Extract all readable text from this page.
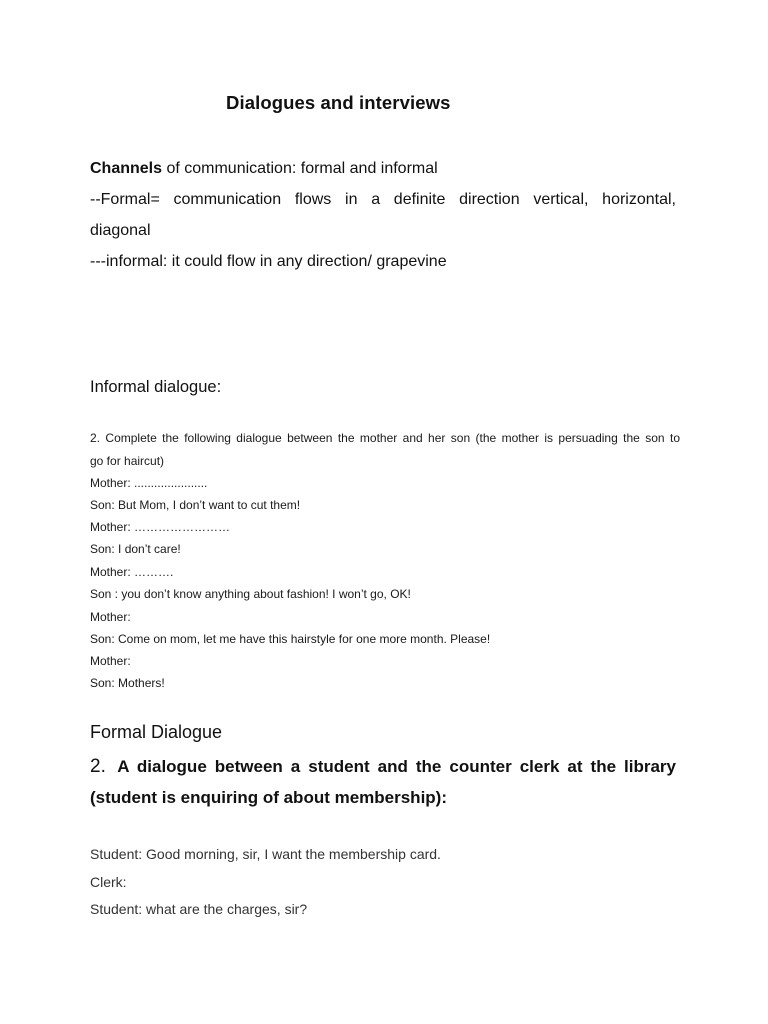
Dialogues and interviews
Channels of communication: formal and informal
--Formal= communication flows in a definite direction vertical, horizontal,
diagonal
---informal: it could flow in any direction/ grapevine
Informal dialogue:
2. Complete the following dialogue between the mother and her son (the mother is persuading the son to
go for haircut)
Mother: ......................
Son: But Mom, I don’t want to cut them!
Mother: ……………………
Son: I don’t care!
Mother: ……….
Son : you don’t know anything about fashion! I won’t go, OK!
Mother:
Son: Come on mom, let me have this hairstyle for one more month. Please!
Mother:
Son: Mothers!
Formal Dialogue
2. A dialogue between a student and the counter clerk at the library
(student is enquiring of about membership):
Student: Good morning, sir, I want the membership card.
Clerk:
Student: what are the charges, sir?
